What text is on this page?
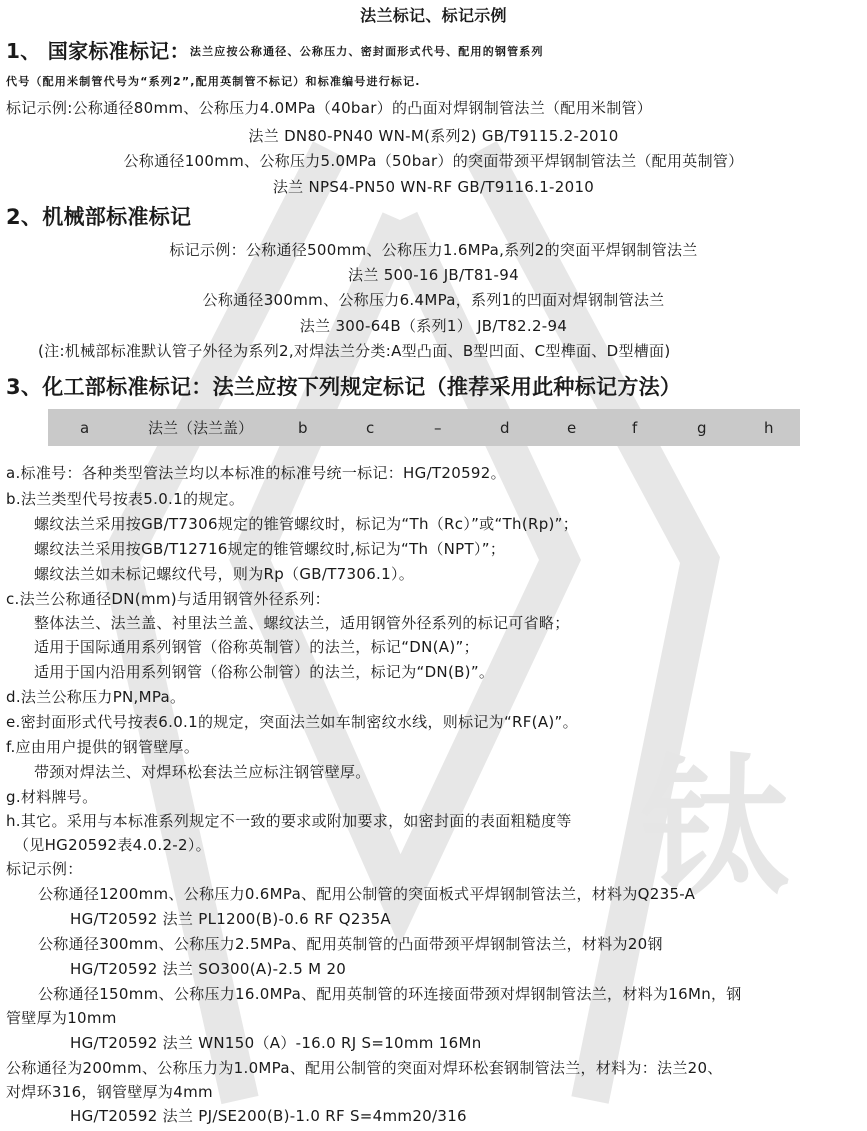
钛
法兰标记、标记示例
1、 国家标准标记：法兰应按公称通径、公称压力、密封面形式代号、配用的钢管系列
代号（配用米制管代号为“系列2”,配用英制管不标记）和标准编号进行标记.
标记示例:公称通径80mm、公称压力4.0MPa（40bar）的凸面对焊钢制管法兰（配用米制管）
法兰 DN80-PN40 WN-M(系列2) GB/T9115.2-2010
公称通径100mm、公称压力5.0MPa（50bar）的突面带颈平焊钢制管法兰（配用英制管）
法兰 NPS4-PN50 WN-RF GB/T9116.1-2010
2、机械部标准标记
标记示例：公称通径500mm、公称压力1.6MPa,系列2的突面平焊钢制管法兰
法兰 500-16 JB/T81-94
公称通径300mm、公称压力6.4MPa，系列1的凹面对焊钢制管法兰
法兰 300-64B（系列1） JB/T82.2-94
(注:机械部标准默认管子外径为系列2,对焊法兰分类:A型凸面、B型凹面、C型榫面、D型槽面)
3、化工部标准标记：法兰应按下列规定标记（推荐采用此种标记方法）
a	法兰（法兰盖）	b	c	–	d	e	f	g	h
a.标准号：各种类型管法兰均以本标准的标准号统一标记：HG/T20592。
b.法兰类型代号按表5.0.1的规定。
螺纹法兰采用按GB/T7306规定的锥管螺纹时，标记为“Th（Rc）”或“Th(Rp)”；
螺纹法兰采用按GB/T12716规定的锥管螺纹时,标记为“Th（NPT）”；
螺纹法兰如未标记螺纹代号，则为Rp（GB/T7306.1）。
c.法兰公称通径DN(mm)与适用钢管外径系列：
整体法兰、法兰盖、衬里法兰盖、螺纹法兰，适用钢管外径系列的标记可省略；
适用于国际通用系列钢管（俗称英制管）的法兰，标记“DN(A)”；
适用于国内沿用系列钢管（俗称公制管）的法兰，标记为“DN(B)”。
d.法兰公称压力PN,MPa。
e.密封面形式代号按表6.0.1的规定，突面法兰如车制密纹水线，则标记为“RF(A)”。
f.应由用户提供的钢管壁厚。
带颈对焊法兰、对焊环松套法兰应标注钢管壁厚。
g.材料牌号。
h.其它。采用与本标准系列规定不一致的要求或附加要求，如密封面的表面粗糙度等
（见HG20592表4.0.2-2）。
标记示例：
公称通径1200mm、公称压力0.6MPa、配用公制管的突面板式平焊钢制管法兰，材料为Q235-A
HG/T20592 法兰 PL1200(B)-0.6 RF Q235A
公称通径300mm、公称压力2.5MPa、配用英制管的凸面带颈平焊钢制管法兰，材料为20钢
HG/T20592 法兰 SO300(A)-2.5 M 20
公称通径150mm、公称压力16.0MPa、配用英制管的环连接面带颈对焊钢制管法兰，材料为16Mn，钢
管壁厚为10mm
HG/T20592 法兰 WN150（A）-16.0 RJ S=10mm 16Mn
公称通径为200mm、公称压力为1.0MPa、配用公制管的突面对焊环松套钢制管法兰，材料为：法兰20、
对焊环316，钢管壁厚为4mm
HG/T20592 法兰 PJ/SE200(B)-1.0 RF S=4mm20/316
